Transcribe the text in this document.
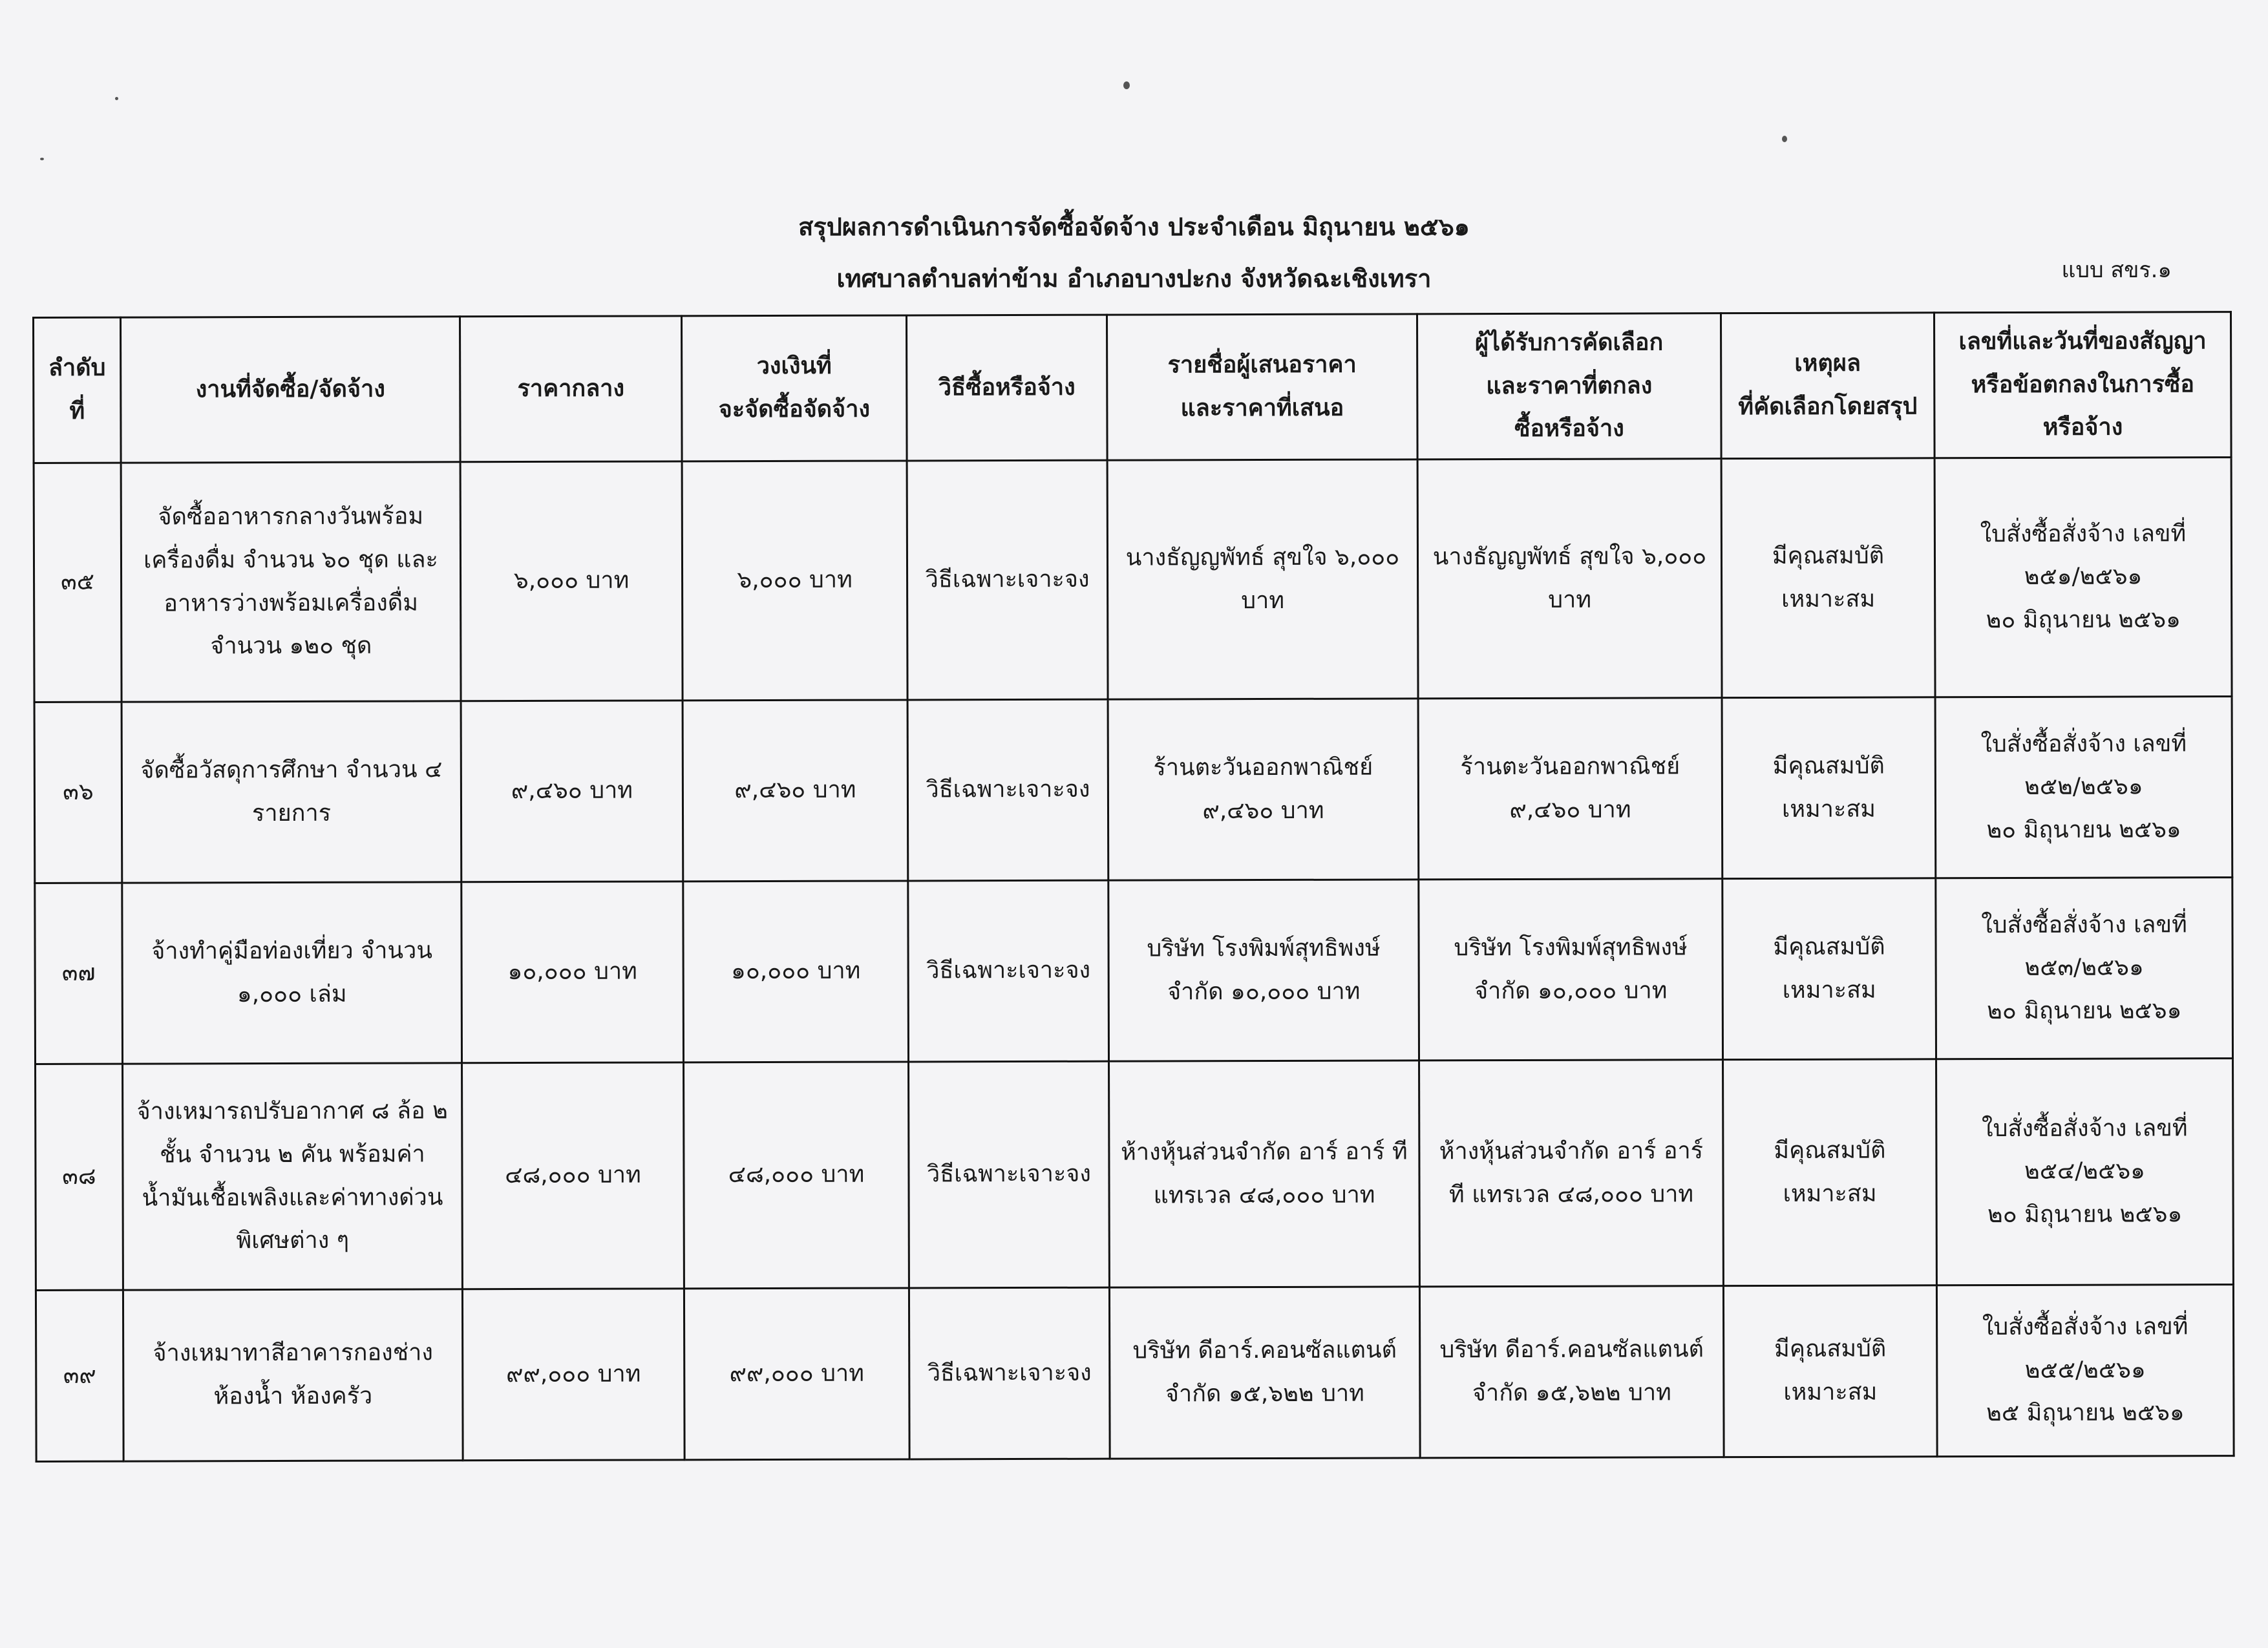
สรุปผลการดำเนินการจัดซื้อจัดจ้าง ประจำเดือน มิถุนายน ๒๕๖๑
เทศบาลตำบลท่าข้าม อำเภอบางปะกง จังหวัดฉะเชิงเทรา	แบบ สขร.๑
ลำดับที่	งานที่จัดซื้อ/จัดจ้าง	ราคากลาง	วงเงินที่
จะจัดซื้อจัดจ้าง	วิธีซื้อหรือจ้าง	รายชื่อผู้เสนอราคา
และราคาที่เสนอ	ผู้ได้รับการคัดเลือก
และราคาที่ตกลง
ซื้อหรือจ้าง	เหตุผล
ที่คัดเลือกโดยสรุป	เลขที่และวันที่ของสัญญา
หรือข้อตกลงในการซื้อ
หรือจ้าง

๓๕	จัดซื้ออาหารกลางวันพร้อม
เครื่องดื่ม จำนวน ๖๐ ชุด และ
อาหารว่างพร้อมเครื่องดื่ม
จำนวน ๑๒๐ ชุด	๖,๐๐๐ บาท	๖,๐๐๐ บาท	วิธีเฉพาะเจาะจง	นางธัญญพัทธ์ สุขใจ ๖,๐๐๐
บาท	นางธัญญพัทธ์ สุขใจ ๖,๐๐๐
บาท	มีคุณสมบัติ
เหมาะสม	ใบสั่งซื้อสั่งจ้าง เลขที่
๒๕๑/๒๕๖๑
๒๐ มิถุนายน ๒๕๖๑
๓๖	จัดซื้อวัสดุการศึกษา จำนวน ๔
รายการ	๙,๔๖๐ บาท	๙,๔๖๐ บาท	วิธีเฉพาะเจาะจง	ร้านตะวันออกพาณิชย์
๙,๔๖๐ บาท	ร้านตะวันออกพาณิชย์
๙,๔๖๐ บาท	มีคุณสมบัติ
เหมาะสม	ใบสั่งซื้อสั่งจ้าง เลขที่
๒๕๒/๒๕๖๑
๒๐ มิถุนายน ๒๕๖๑
๓๗	จ้างทำคู่มือท่องเที่ยว จำนวน
๑,๐๐๐ เล่ม	๑๐,๐๐๐ บาท	๑๐,๐๐๐ บาท	วิธีเฉพาะเจาะจง	บริษัท โรงพิมพ์สุทธิพงษ์
จำกัด ๑๐,๐๐๐ บาท	บริษัท โรงพิมพ์สุทธิพงษ์
จำกัด ๑๐,๐๐๐ บาท	มีคุณสมบัติ
เหมาะสม	ใบสั่งซื้อสั่งจ้าง เลขที่
๒๕๓/๒๕๖๑
๒๐ มิถุนายน ๒๕๖๑
๓๘	จ้างเหมารถปรับอากาศ ๘ ล้อ ๒
ชั้น จำนวน ๒ คัน พร้อมค่า
น้ำมันเชื้อเพลิงและค่าทางด่วน
พิเศษต่าง ๆ	๔๘,๐๐๐ บาท	๔๘,๐๐๐ บาท	วิธีเฉพาะเจาะจง	ห้างหุ้นส่วนจำกัด อาร์ อาร์ ที
แทรเวล ๔๘,๐๐๐ บาท	ห้างหุ้นส่วนจำกัด อาร์ อาร์
ที แทรเวล ๔๘,๐๐๐ บาท	มีคุณสมบัติ
เหมาะสม	ใบสั่งซื้อสั่งจ้าง เลขที่
๒๕๔/๒๕๖๑
๒๐ มิถุนายน ๒๕๖๑
๓๙	จ้างเหมาทาสีอาคารกองช่าง
ห้องน้ำ ห้องครัว	๙๙,๐๐๐ บาท	๙๙,๐๐๐ บาท	วิธีเฉพาะเจาะจง	บริษัท ดีอาร์.คอนซัลแตนต์
จำกัด ๑๕,๖๒๒ บาท	บริษัท ดีอาร์.คอนซัลแตนต์
จำกัด ๑๕,๖๒๒ บาท	มีคุณสมบัติ
เหมาะสม	ใบสั่งซื้อสั่งจ้าง เลขที่
๒๕๕/๒๕๖๑
๒๕ มิถุนายน ๒๕๖๑
